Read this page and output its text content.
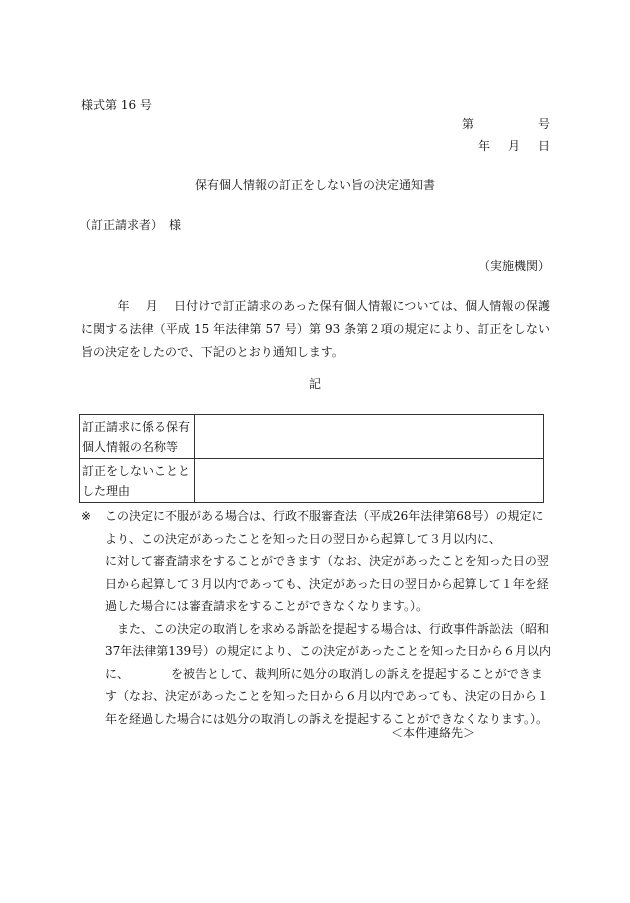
様式第 16 号
第	号
年 月 日
保有個人情報の訂正をしない旨の決定通知書
（訂正請求者）　様
（実施機関）
　　　年　 月　 日付けで訂正請求のあった保有個人情報については、個人情報の保護に関する法律（平成 15 年法律第 57 号）第 93 条第２項の規定により、訂正をしない旨の決定をしたので、下記のとおり通知します。
記
訂正請求に係る保有個人情報の名称等	
訂正をしないこととした理由	
※	この決定に不服がある場合は、行政不服審査法（平成26年法律第68号）の規定により、この決定があったことを知った日の翌日から起算して３月以内に、　　　　に対して審査請求をすることができます（なお、決定があったことを知った日の翌日から起算して３月以内であっても、決定があった日の翌日から起算して１年を経過した場合には審査請求をすることができなくなります。）。
また、この決定の取消しを求める訴訟を提起する場合は、行政事件訴訟法（昭和37年法律第139号）の規定により、この決定があったことを知った日から６月以内に、　　　　を被告として、裁判所に処分の取消しの訴えを提起することができます（なお、決定があったことを知った日から６月以内であっても、決定の日から１年を経過した場合には処分の取消しの訴えを提起することができなくなります。）。
＜本件連絡先＞
